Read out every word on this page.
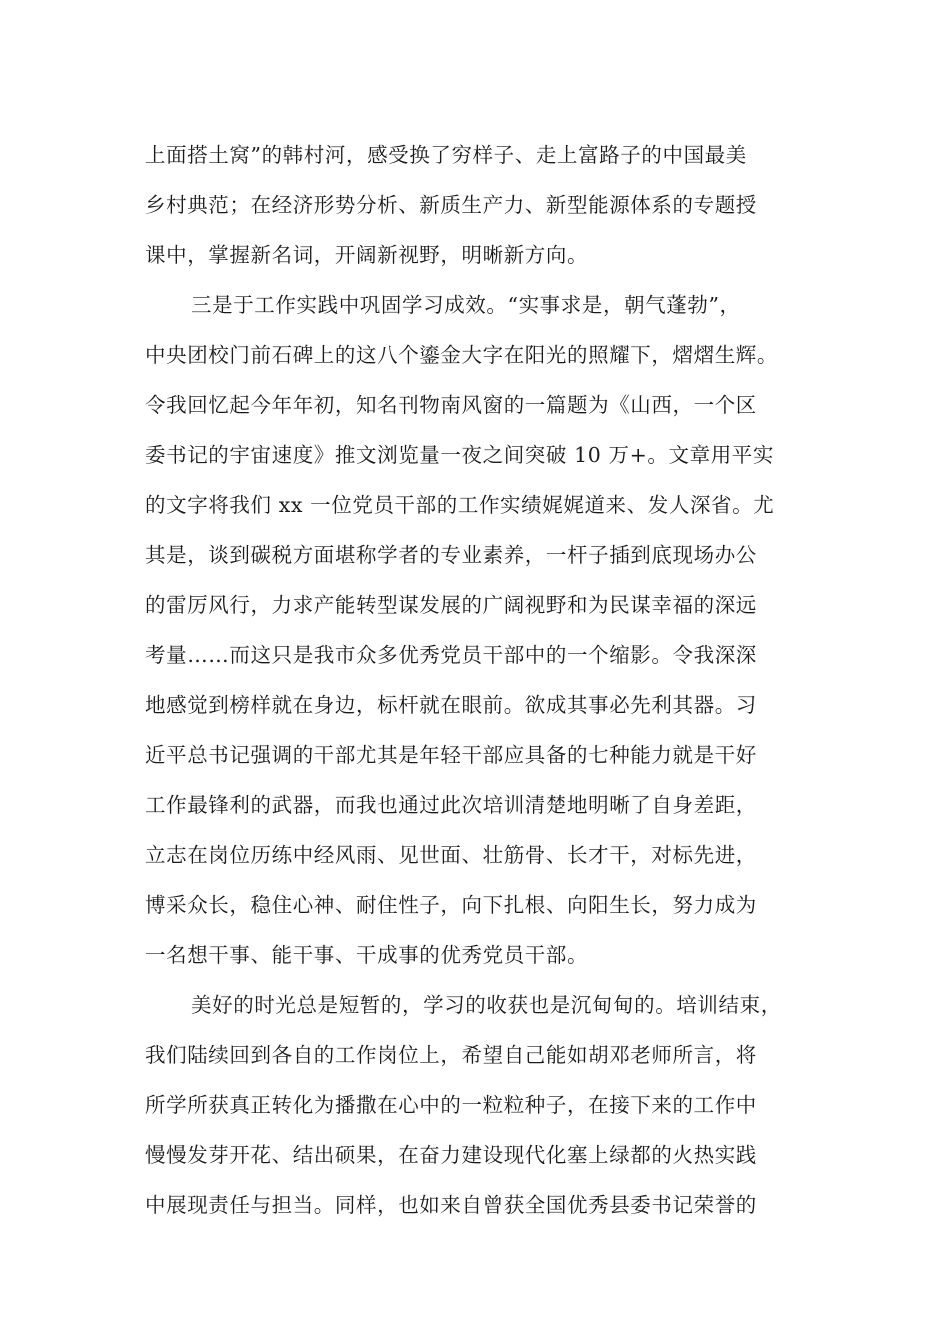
上面搭土窝”的韩村河，感受换了穷样子、走上富路子的中国最美
乡村典范；在经济形势分析、新质生产力、新型能源体系的专题授
课中，掌握新名词，开阔新视野，明晰新方向。
三是于工作实践中巩固学习成效。“实事求是，朝气蓬勃”，
中央团校门前石碑上的这八个鎏金大字在阳光的照耀下，熠熠生辉。
令我回忆起今年年初，知名刊物南风窗的一篇题为《山西，一个区
委书记的宇宙速度》推文浏览量一夜之间突破 10 万+。文章用平实
的文字将我们 xx 一位党员干部的工作实绩娓娓道来、发人深省。尤
其是，谈到碳税方面堪称学者的专业素养，一杆子插到底现场办公
的雷厉风行，力求产能转型谋发展的广阔视野和为民谋幸福的深远
考量……而这只是我市众多优秀党员干部中的一个缩影。令我深深
地感觉到榜样就在身边，标杆就在眼前。欲成其事必先利其器。习
近平总书记强调的干部尤其是年轻干部应具备的七种能力就是干好
工作最锋利的武器，而我也通过此次培训清楚地明晰了自身差距，
立志在岗位历练中经风雨、见世面、壮筋骨、长才干，对标先进，
博采众长，稳住心神、耐住性子，向下扎根、向阳生长，努力成为
一名想干事、能干事、干成事的优秀党员干部。
美好的时光总是短暂的，学习的收获也是沉甸甸的。培训结束，
我们陆续回到各自的工作岗位上，希望自己能如胡邓老师所言，将
所学所获真正转化为播撒在心中的一粒粒种子，在接下来的工作中
慢慢发芽开花、结出硕果，在奋力建设现代化塞上绿都的火热实践
中展现责任与担当。同样，也如来自曾获全国优秀县委书记荣誉的
